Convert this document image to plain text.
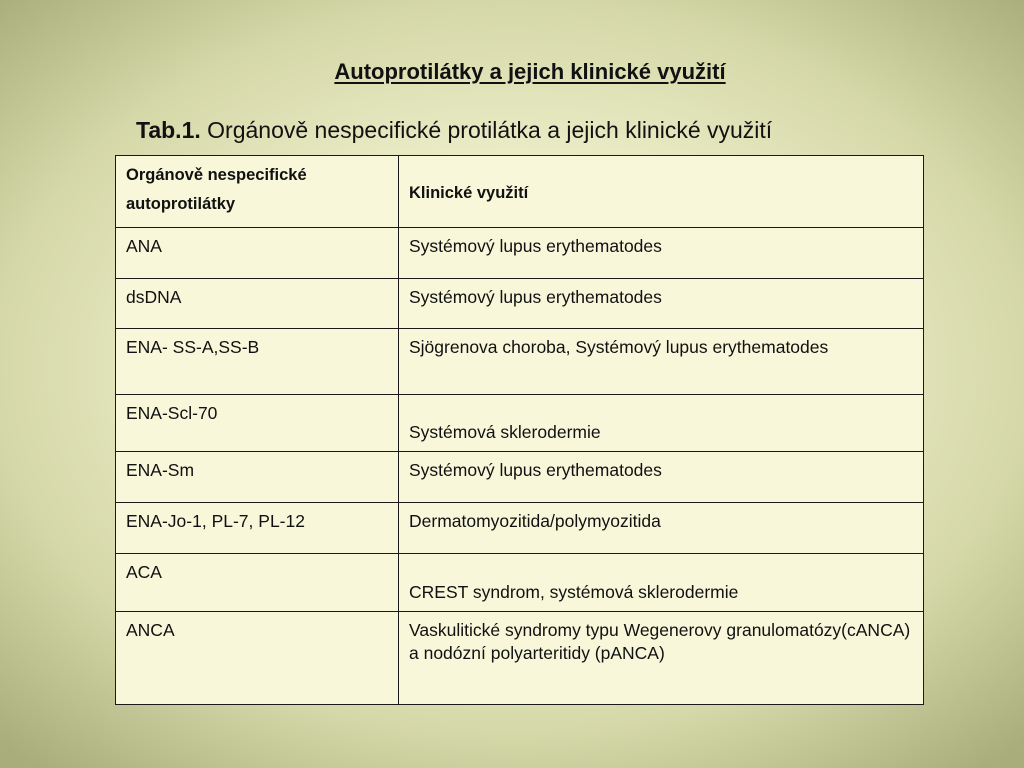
Autoprotilátky a jejich klinické využití
Tab.1. Orgánově nespecifické protilátka a jejich klinické využití
Orgánově nespecifické autoprotilátky	Klinické využití
ANA	Systémový lupus erythematodes
dsDNA	Systémový lupus erythematodes
ENA- SS-A,SS-B	Sjögrenova choroba, Systémový lupus erythematodes
ENA-Scl-70	Systémová sklerodermie
ENA-Sm	Systémový lupus erythematodes
ENA-Jo-1, PL-7, PL-12	Dermatomyozitida/polymyozitida
ACA	CREST syndrom, systémová sklerodermie
ANCA	Vaskulitické syndromy typu Wegenerovy granulomatózy(cANCA) a nodózní polyarteritidy (pANCA)
